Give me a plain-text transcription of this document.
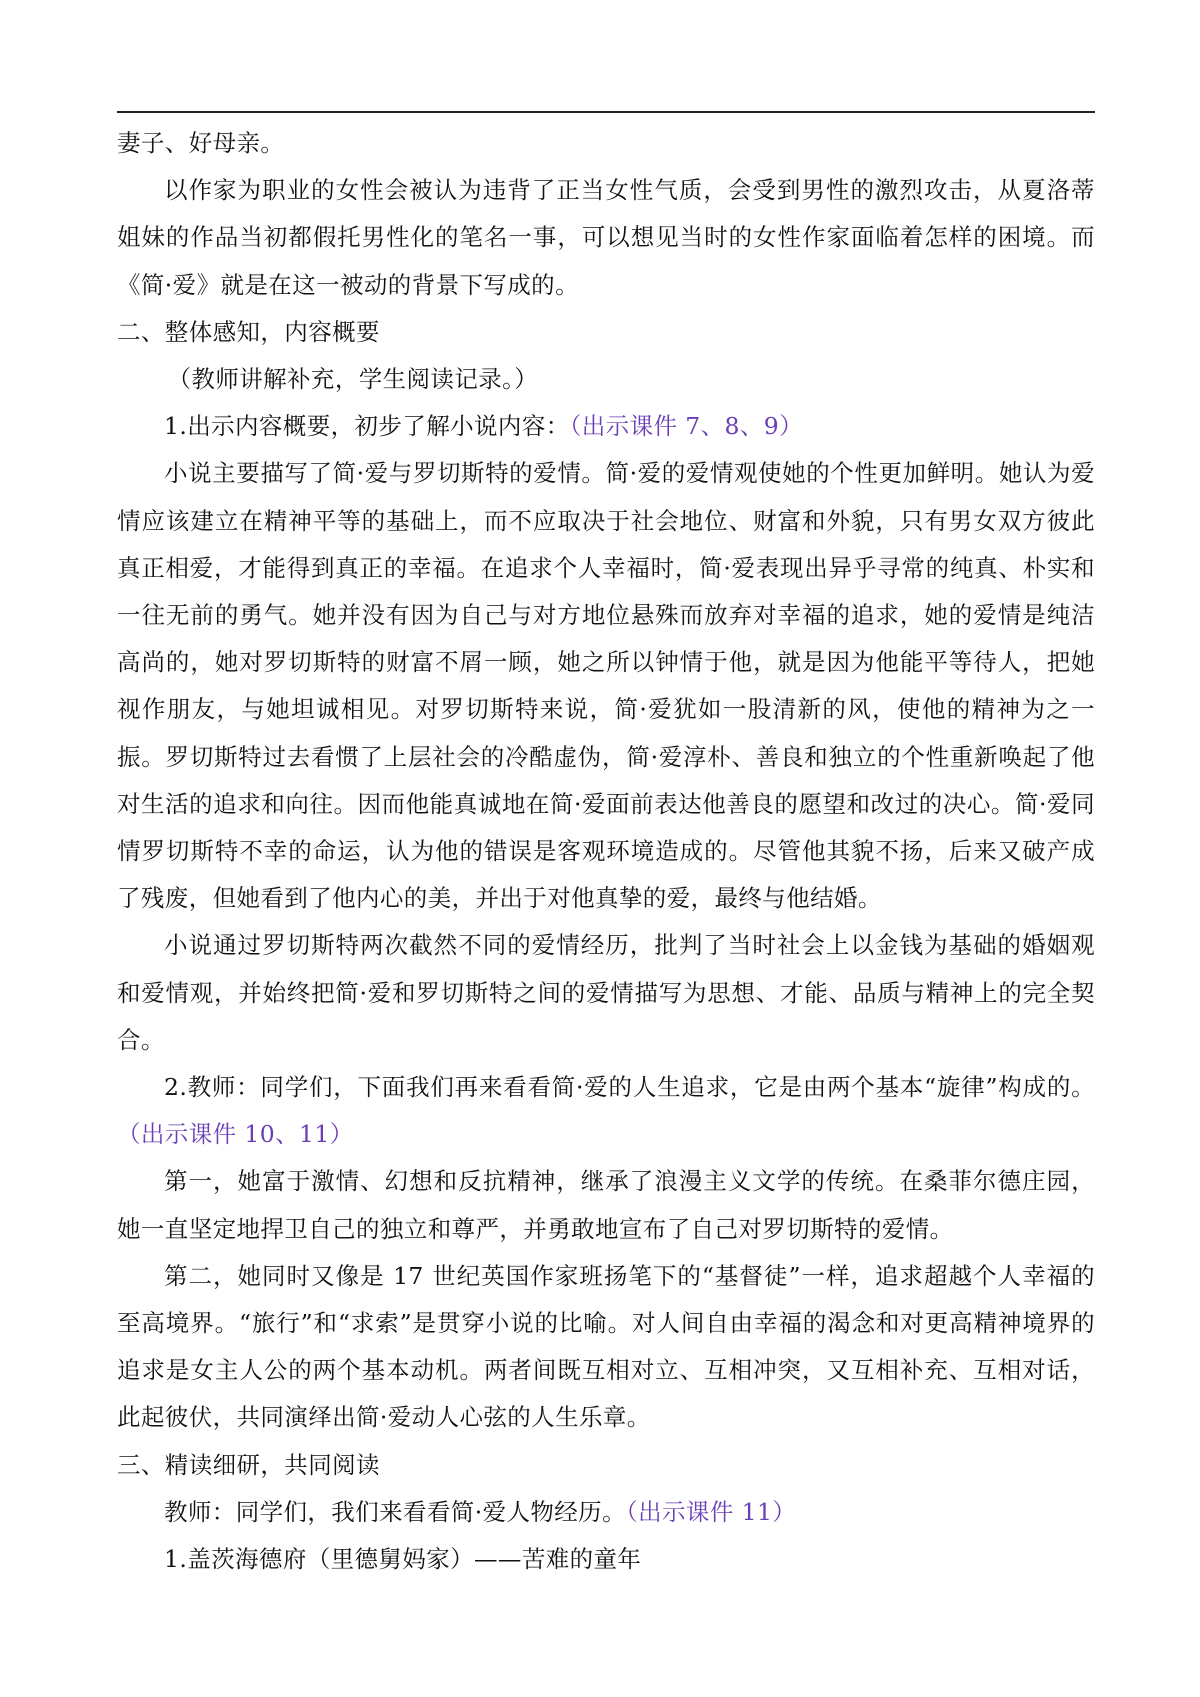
妻子、好母亲。

以作家为职业的女性会被认为违背了正当女性气质，会受到男性的激烈攻击，从夏洛蒂姐妹的作品当初都假托男性化的笔名一事，可以想见当时的女性作家面临着怎样的困境。而《简·爱》就是在这一被动的背景下写成的。

二、整体感知，内容概要

（教师讲解补充，学生阅读记录。）

1.出示内容概要，初步了解小说内容：（出示课件 7、8、9）

小说主要描写了简·爱与罗切斯特的爱情。简·爱的爱情观使她的个性更加鲜明。她认为爱情应该建立在精神平等的基础上，而不应取决于社会地位、财富和外貌，只有男女双方彼此真正相爱，才能得到真正的幸福。在追求个人幸福时，简·爱表现出异乎寻常的纯真、朴实和一往无前的勇气。她并没有因为自己与对方地位悬殊而放弃对幸福的追求，她的爱情是纯洁高尚的，她对罗切斯特的财富不屑一顾，她之所以钟情于他，就是因为他能平等待人，把她视作朋友，与她坦诚相见。对罗切斯特来说，简·爱犹如一股清新的风，使他的精神为之一振。罗切斯特过去看惯了上层社会的冷酷虚伪，简·爱淳朴、善良和独立的个性重新唤起了他对生活的追求和向往。因而他能真诚地在简·爱面前表达他善良的愿望和改过的决心。简·爱同情罗切斯特不幸的命运，认为他的错误是客观环境造成的。尽管他其貌不扬，后来又破产成了残废，但她看到了他内心的美，并出于对他真挚的爱，最终与他结婚。

小说通过罗切斯特两次截然不同的爱情经历，批判了当时社会上以金钱为基础的婚姻观和爱情观，并始终把简·爱和罗切斯特之间的爱情描写为思想、才能、品质与精神上的完全契合。

2.教师：同学们，下面我们再来看看简·爱的人生追求，它是由两个基本“旋律”构成的。（出示课件 10、11）

第一，她富于激情、幻想和反抗精神，继承了浪漫主义文学的传统。在桑菲尔德庄园，她一直坚定地捍卫自己的独立和尊严，并勇敢地宣布了自己对罗切斯特的爱情。

第二，她同时又像是 17 世纪英国作家班扬笔下的“基督徒”一样，追求超越个人幸福的至高境界。“旅行”和“求索”是贯穿小说的比喻。对人间自由幸福的渴念和对更高精神境界的追求是女主人公的两个基本动机。两者间既互相对立、互相冲突，又互相补充、互相对话，此起彼伏，共同演绎出简·爱动人心弦的人生乐章。

三、精读细研，共同阅读

教师：同学们，我们来看看简·爱人物经历。（出示课件 11）

1.盖茨海德府（里德舅妈家）——苦难的童年
